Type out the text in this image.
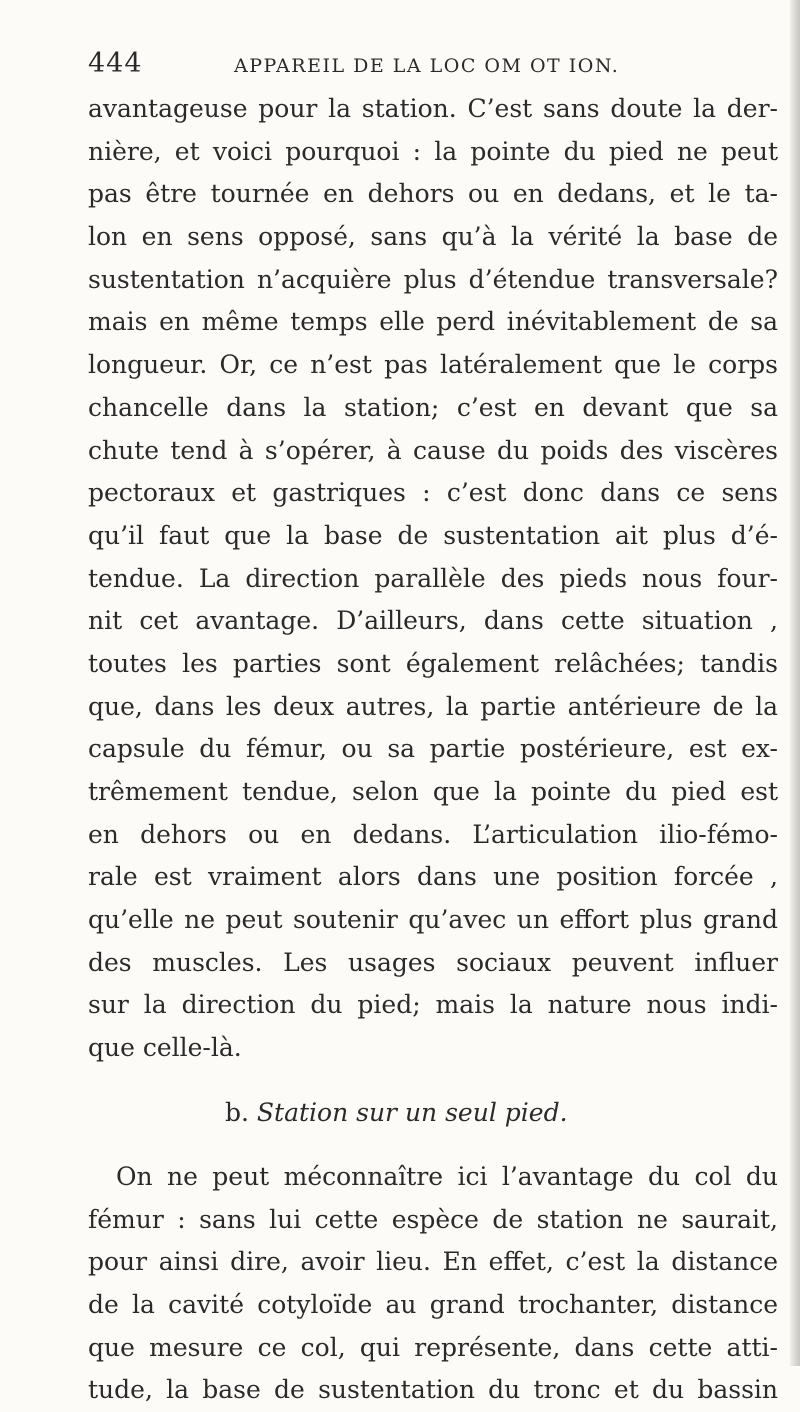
444	APPAREIL DE LA LOC OM OT ION.
avantageuse pour la station. C’est sans doute la der-
nière, et voici pourquoi : la pointe du pied ne peut
pas être tournée en dehors ou en dedans, et le ta-
lon en sens opposé, sans qu’à la vérité la base de
sustentation n’acquière plus d’étendue transversale?
mais en même temps elle perd inévitablement de sa
longueur. Or, ce n’est pas latéralement que le corps
chancelle dans la station; c’est en devant que sa
chute tend à s’opérer, à cause du poids des viscères
pectoraux et gastriques : c’est donc dans ce sens
qu’il faut que la base de sustentation ait plus d’é-
tendue. La direction parallèle des pieds nous four-
nit cet avantage. D’ailleurs, dans cette situation ,
toutes les parties sont également relâchées; tandis
que, dans les deux autres, la partie antérieure de la
capsule du fémur, ou sa partie postérieure, est ex-
trêmement tendue, selon que la pointe du pied est
en dehors ou en dedans. L’articulation ilio-fémo-
rale est vraiment alors dans une position forcée ,
qu’elle ne peut soutenir qu’avec un effort plus grand
des muscles. Les usages sociaux peuvent influer
sur la direction du pied; mais la nature nous indi-
que celle-là.
b. Station sur un seul pied.
On ne peut méconnaître ici l’avantage du col du
fémur : sans lui cette espèce de station ne saurait,
pour ainsi dire, avoir lieu. En effet, c’est la distance
de la cavité cotyloïde au grand trochanter, distance
que mesure ce col, qui représente, dans cette atti-
tude, la base de sustentation du tronc et du bassin
